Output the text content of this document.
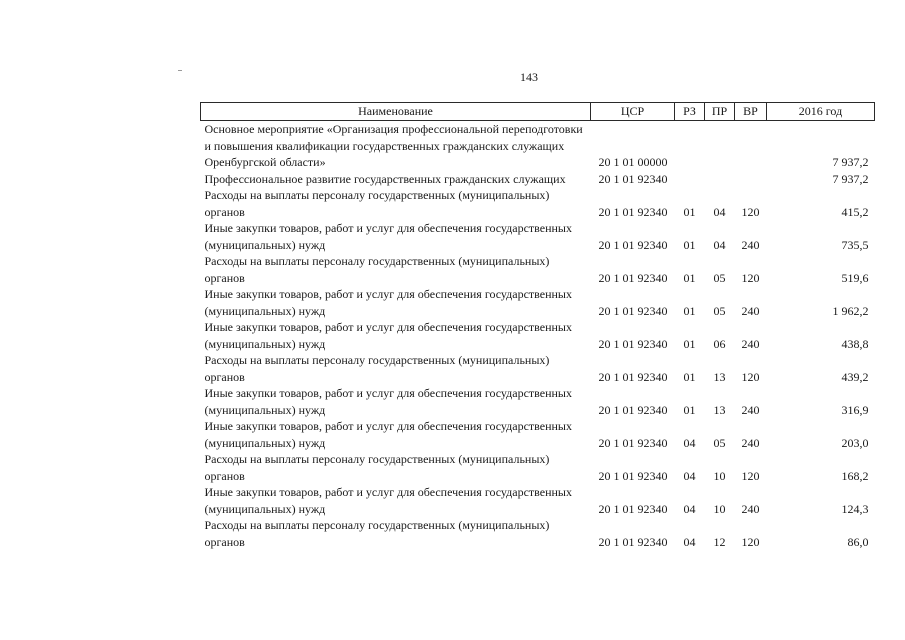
143
Наименование	ЦСР	РЗ	ПР	ВР	2016 год
Основное мероприятие «Организация профессиональной переподготовки и повышения квалификации государственных гражданских служащих Оренбургской области»	20 1 01 00000				7 937,2
Профессиональное развитие государственных гражданских служащих	20 1 01 92340				7 937,2
Расходы на выплаты персоналу государственных (муниципальных) органов	20 1 01 92340	01	04	120	415,2
Иные закупки товаров, работ и услуг для обеспечения государственных (муниципальных) нужд	20 1 01 92340	01	04	240	735,5
Расходы на выплаты персоналу государственных (муниципальных) органов	20 1 01 92340	01	05	120	519,6
Иные закупки товаров, работ и услуг для обеспечения государственных (муниципальных) нужд	20 1 01 92340	01	05	240	1 962,2
Иные закупки товаров, работ и услуг для обеспечения государственных (муниципальных) нужд	20 1 01 92340	01	06	240	438,8
Расходы на выплаты персоналу государственных (муниципальных) органов	20 1 01 92340	01	13	120	439,2
Иные закупки товаров, работ и услуг для обеспечения государственных (муниципальных) нужд	20 1 01 92340	01	13	240	316,9
Иные закупки товаров, работ и услуг для обеспечения государственных (муниципальных) нужд	20 1 01 92340	04	05	240	203,0
Расходы на выплаты персоналу государственных (муниципальных) органов	20 1 01 92340	04	10	120	168,2
Иные закупки товаров, работ и услуг для обеспечения государственных (муниципальных) нужд	20 1 01 92340	04	10	240	124,3
Расходы на выплаты персоналу государственных (муниципальных) органов	20 1 01 92340	04	12	120	86,0
